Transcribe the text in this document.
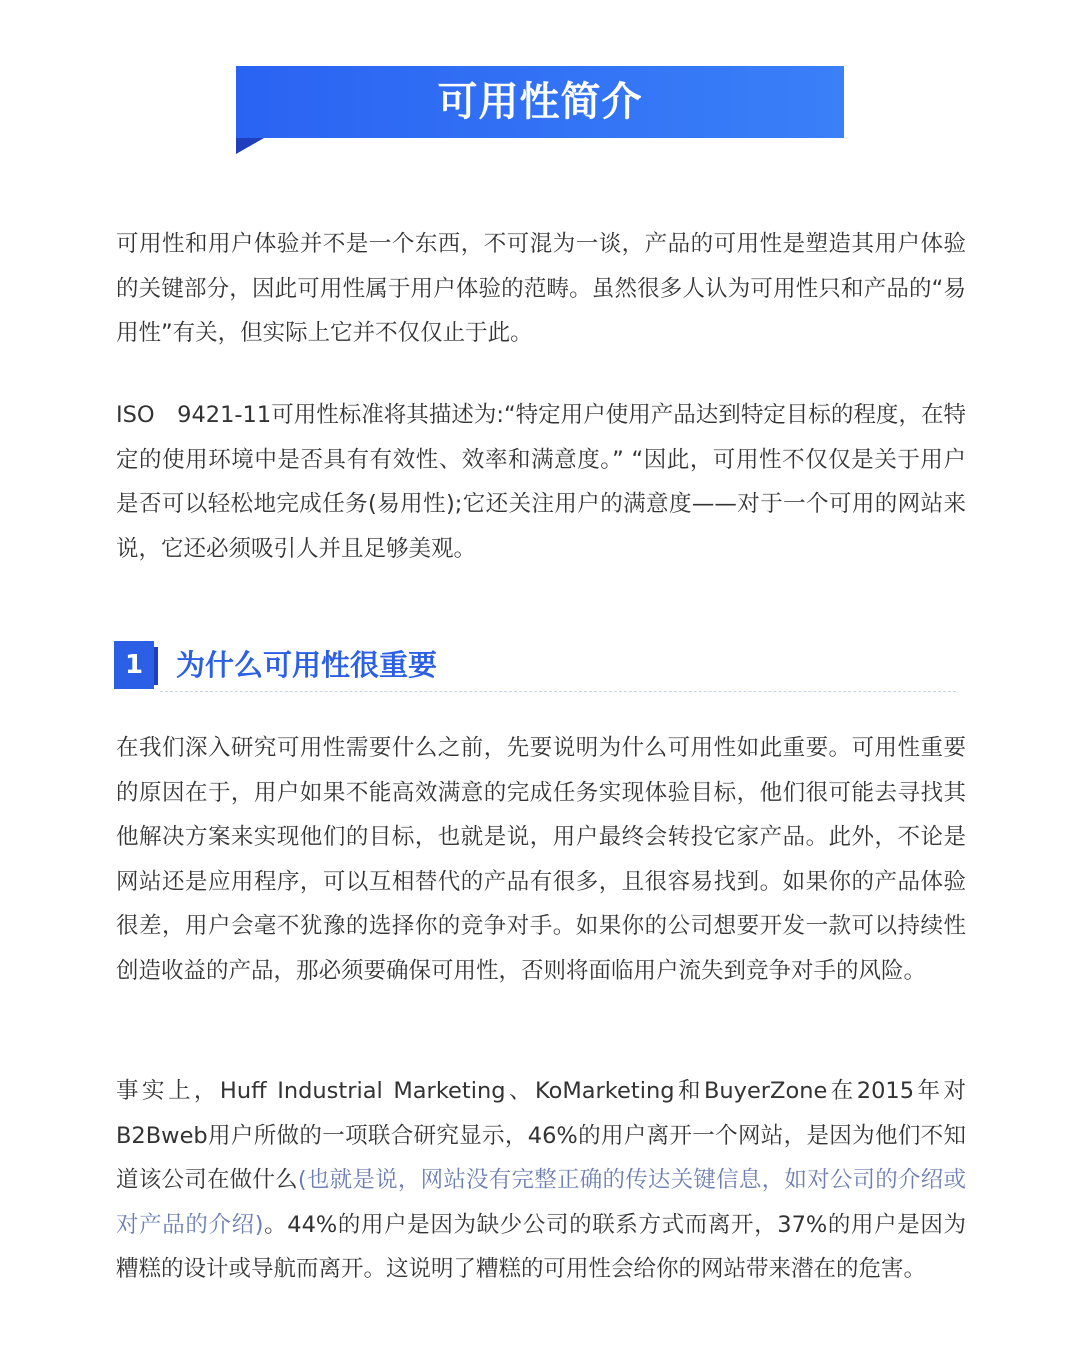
可用性简介

可用性和用户体验并不是一个东西，不可混为一谈，产品的可用性是塑造其用户体验的关键部分，因此可用性属于用户体验的范畴。虽然很多人认为可用性只和产品的“易用性”有关，但实际上它并不仅仅止于此。

ISO　9421-11可用性标准将其描述为:“特定用户使用产品达到特定目标的程度，在特定的使用环境中是否具有有效性、效率和满意度。” “因此，可用性不仅仅是关于用户是否可以轻松地完成任务(易用性);它还关注用户的满意度——对于一个可用的网站来说，它还必须吸引人并且足够美观。

1	为什么可用性很重要

在我们深入研究可用性需要什么之前，先要说明为什么可用性如此重要。可用性重要的原因在于，用户如果不能高效满意的完成任务实现体验目标，他们很可能去寻找其他解决方案来实现他们的目标，也就是说，用户最终会转投它家产品。此外，不论是网站还是应用程序，可以互相替代的产品有很多，且很容易找到。如果你的产品体验很差，用户会毫不犹豫的选择你的竞争对手。如果你的公司想要开发一款可以持续性创造收益的产品，那必须要确保可用性，否则将面临用户流失到竞争对手的风险。

事实上，Huff Industrial Marketing、KoMarketing和BuyerZone在2015年对B2Bweb用户所做的一项联合研究显示，46%的用户离开一个网站，是因为他们不知道该公司在做什么(也就是说，网站没有完整正确的传达关键信息，如对公司的介绍或对产品的介绍)。44%的用户是因为缺少公司的联系方式而离开，37%的用户是因为糟糕的设计或导航而离开。这说明了糟糕的可用性会给你的网站带来潜在的危害。
